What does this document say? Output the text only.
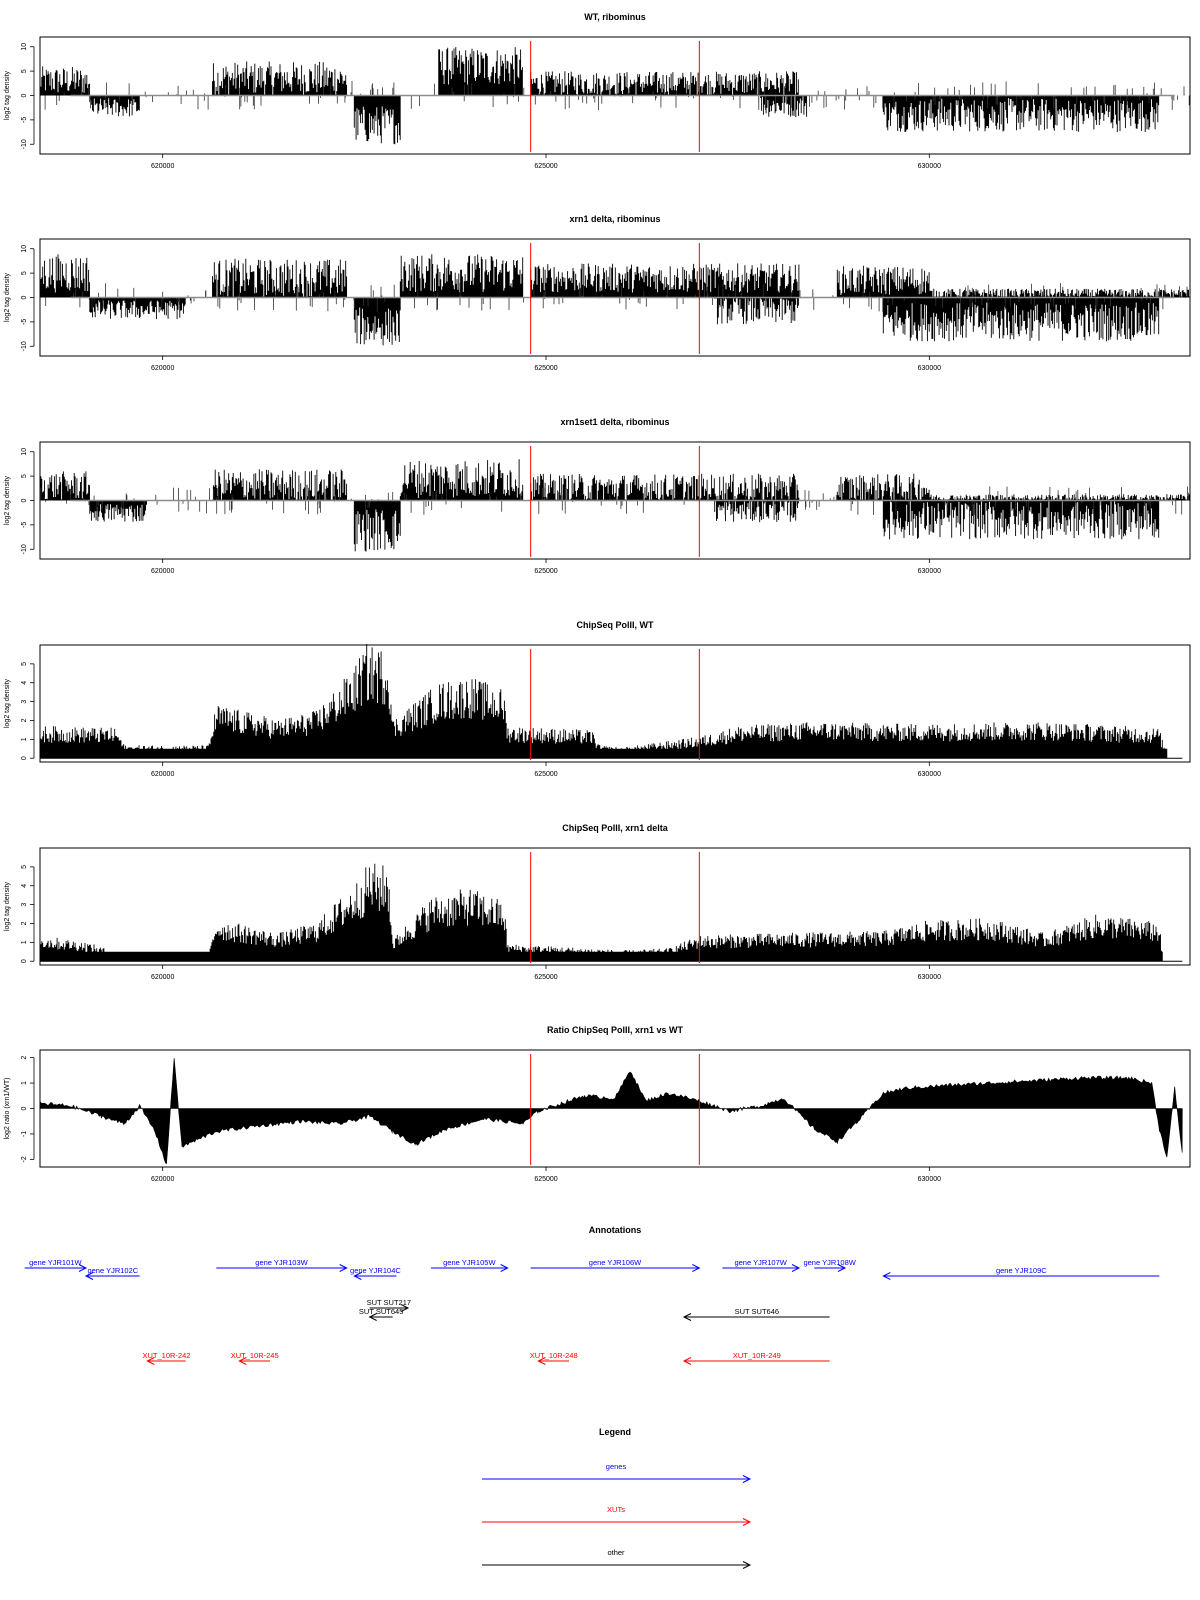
WT, ribominus
log2 tag density
-10
-5
0
5
10
620000	625000	630000
xrn1 delta, ribominus
log2 tag density
-10
-5
0
5
10
620000	625000	630000
xrn1set1 delta, ribominus
log2 tag density
-10
-5
0
5
10
620000	625000	630000
ChipSeq PolII, WT
log2 tag density
0
1
2
3
4
5
620000	625000	630000
ChipSeq PolII, xrn1 delta
log2 tag density
0
1
2
3
4
5
620000	625000	630000
Ratio ChipSeq PolII, xrn1 vs WT
log2 ratio (xrn1/WT)
-2
-1
0
1
2
620000	625000	630000
Annotations
gene YJR101W
gene YJR102C
gene YJR103W
gene YJR104C
gene YJR105W	gene YJR106W	gene YJR107W gene YJR108W
gene YJR109C
SUT SUT217
SUT SUT645	SUT SUT646
XUT_10R-242	XUT_10R-245	XUT_10R-248	XUT_10R-249
Legend
genes
XUTs
other
